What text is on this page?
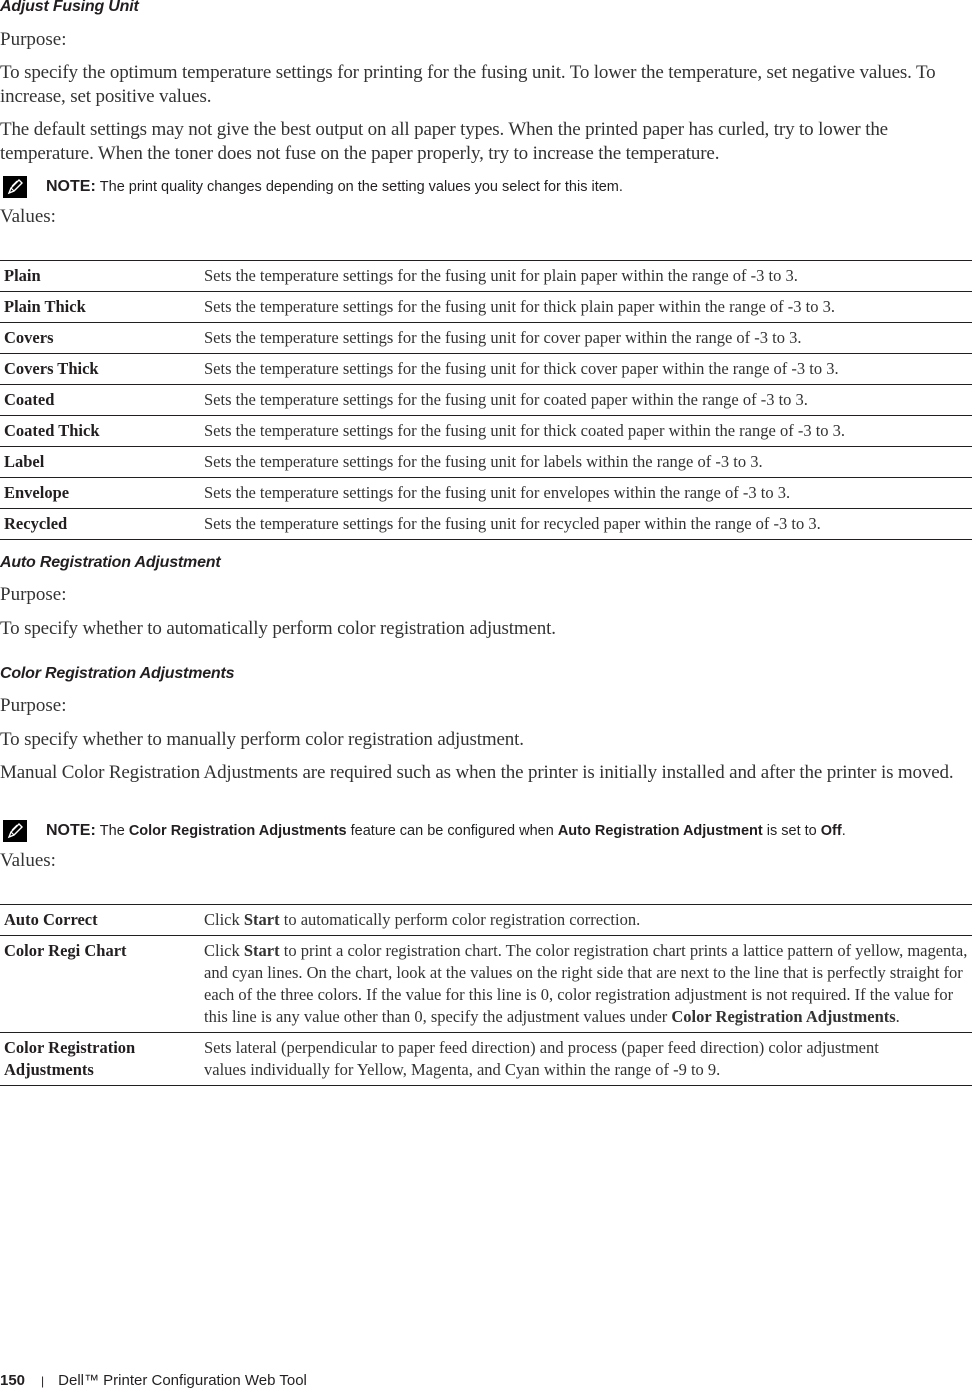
Adjust Fusing Unit
Purpose:
To specify the optimum temperature settings for printing for the fusing unit. To lower the temperature, set negative values. To increase, set positive values.
The default settings may not give the best output on all paper types. When the printed paper has curled, try to lower the temperature. When the toner does not fuse on the paper properly, try to increase the temperature.
NOTE: The print quality changes depending on the setting values you select for this item.
Values:
Plain	Sets the temperature settings for the fusing unit for plain paper within the range of -3 to 3.
Plain Thick	Sets the temperature settings for the fusing unit for thick plain paper within the range of -3 to 3.
Covers	Sets the temperature settings for the fusing unit for cover paper within the range of -3 to 3.
Covers Thick	Sets the temperature settings for the fusing unit for thick cover paper within the range of -3 to 3.
Coated	Sets the temperature settings for the fusing unit for coated paper within the range of -3 to 3.
Coated Thick	Sets the temperature settings for the fusing unit for thick coated paper within the range of -3 to 3.
Label	Sets the temperature settings for the fusing unit for labels within the range of -3 to 3.
Envelope	Sets the temperature settings for the fusing unit for envelopes within the range of -3 to 3.
Recycled	Sets the temperature settings for the fusing unit for recycled paper within the range of -3 to 3.
Auto Registration Adjustment
Purpose:
To specify whether to automatically perform color registration adjustment.
Color Registration Adjustments
Purpose:
To specify whether to manually perform color registration adjustment.
Manual Color Registration Adjustments are required such as when the printer is initially installed and after the printer is moved.
NOTE: The
Color Registration Adjustments
feature can be configured when
Auto Registration Adjustment
is set to
Off .
Values:
Auto Correct	Click Start to automatically perform color registration correction.
Color Regi Chart	Click Start to print a color registration chart. The color registration chart prints a lattice pattern of yellow, magenta, and cyan lines. On the chart, look at the values on the right side that are next to the line that is perfectly straight for each of the three colors. If the value for this line is 0, color registration adjustment is not required. If the value for this line is any value other than 0, specify the adjustment values under Color Registration Adjustments.
Color Registration Adjustments	Sets lateral (perpendicular to paper feed direction) and process (paper feed direction) color adjustment values individually for Yellow, Magenta, and Cyan within the range of -9 to 9.
150 | Dell™ Printer Configuration Web Tool
